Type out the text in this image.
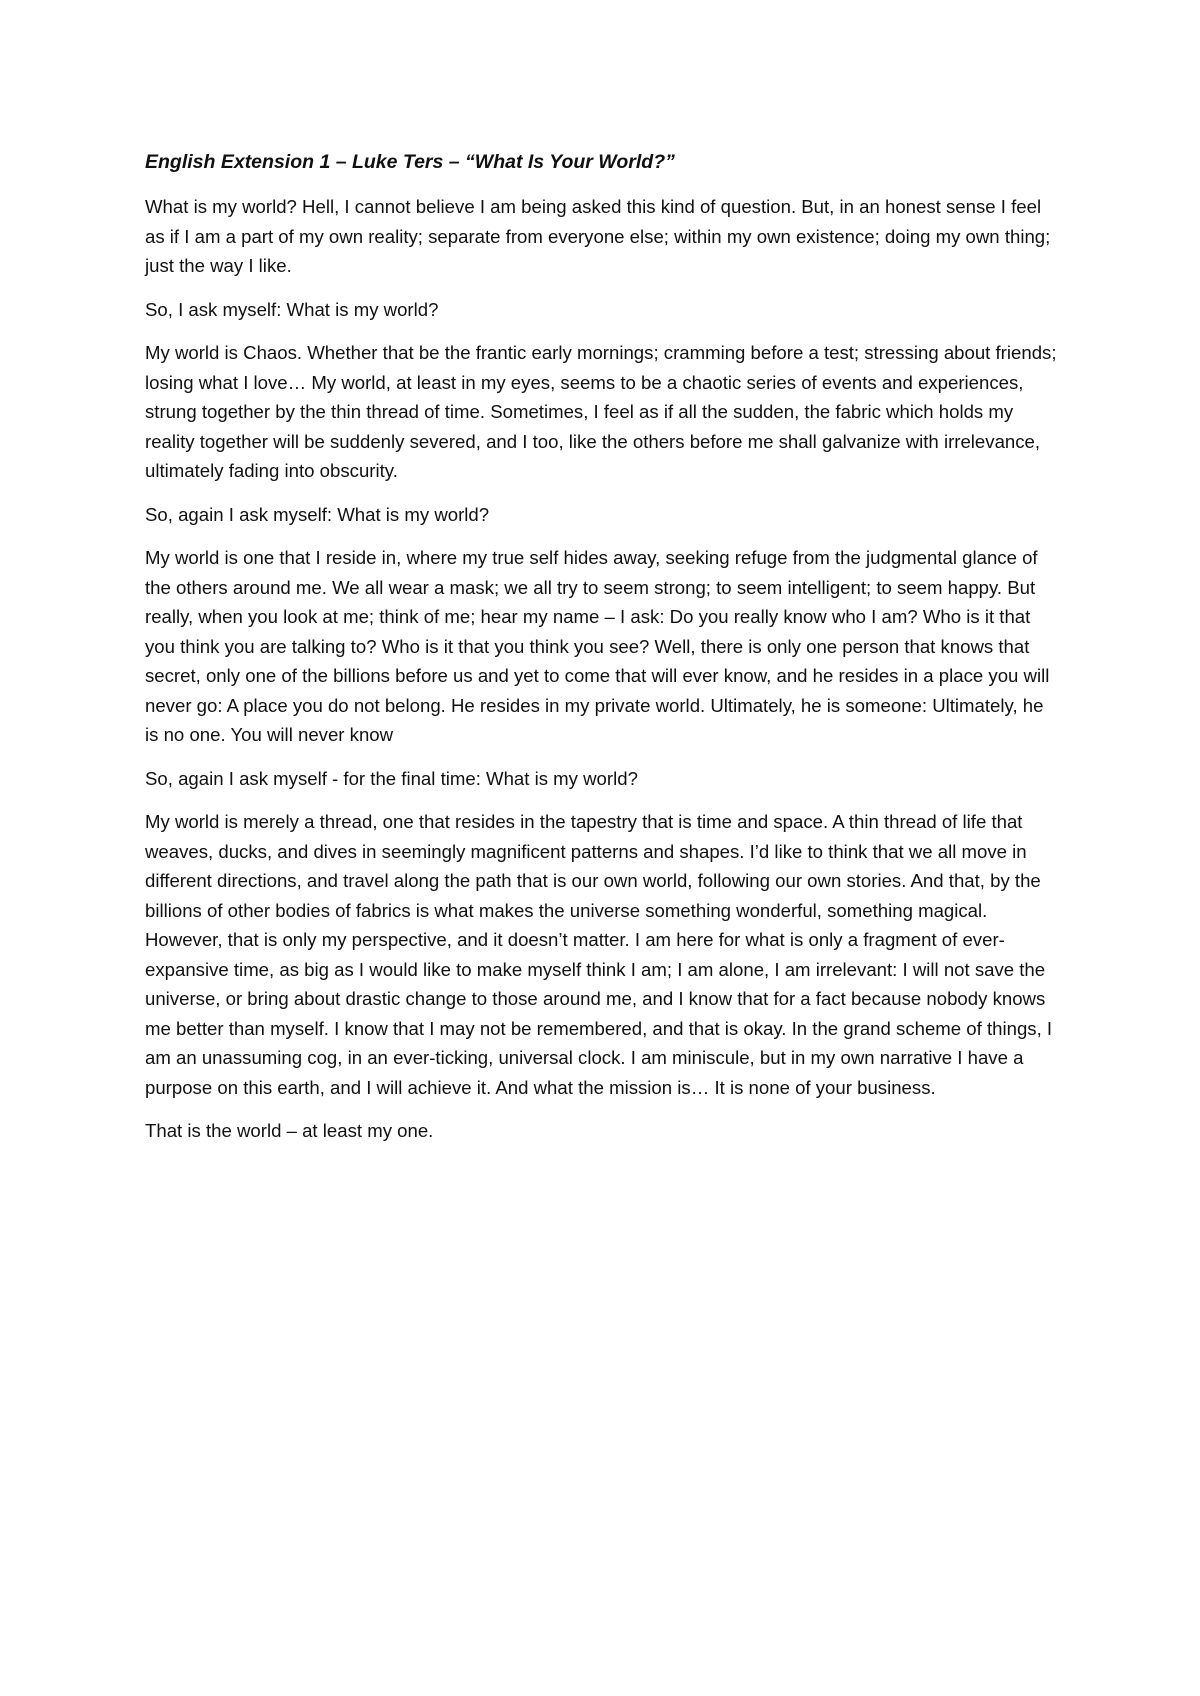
English Extension 1 – Luke Ters – “What Is Your World?”

What is my world? Hell, I cannot believe I am being asked this kind of question. But, in an honest sense I feel as if I am a part of my own reality; separate from everyone else; within my own existence; doing my own thing; just the way I like.

So, I ask myself: What is my world?

My world is Chaos. Whether that be the frantic early mornings; cramming before a test; stressing about friends; losing what I love… My world, at least in my eyes, seems to be a chaotic series of events and experiences, strung together by the thin thread of time. Sometimes, I feel as if all the sudden, the fabric which holds my reality together will be suddenly severed, and I too, like the others before me shall galvanize with irrelevance, ultimately fading into obscurity.

So, again I ask myself: What is my world?

My world is one that I reside in, where my true self hides away, seeking refuge from the judgmental glance of the others around me. We all wear a mask; we all try to seem strong; to seem intelligent; to seem happy. But really, when you look at me; think of me; hear my name – I ask: Do you really know who I am? Who is it that you think you are talking to? Who is it that you think you see? Well, there is only one person that knows that secret, only one of the billions before us and yet to come that will ever know, and he resides in a place you will never go: A place you do not belong. He resides in my private world. Ultimately, he is someone: Ultimately, he is no one. You will never know

So, again I ask myself - for the final time: What is my world?

My world is merely a thread, one that resides in the tapestry that is time and space. A thin thread of life that weaves, ducks, and dives in seemingly magnificent patterns and shapes. I’d like to think that we all move in different directions, and travel along the path that is our own world, following our own stories. And that, by the billions of other bodies of fabrics is what makes the universe something wonderful, something magical. However, that is only my perspective, and it doesn’t matter. I am here for what is only a fragment of ever-expansive time, as big as I would like to make myself think I am; I am alone, I am irrelevant: I will not save the universe, or bring about drastic change to those around me, and I know that for a fact because nobody knows me better than myself. I know that I may not be remembered, and that is okay. In the grand scheme of things, I am an unassuming cog, in an ever-ticking, universal clock. I am miniscule, but in my own narrative I have a purpose on this earth, and I will achieve it. And what the mission is… It is none of your business.

That is the world – at least my one.
